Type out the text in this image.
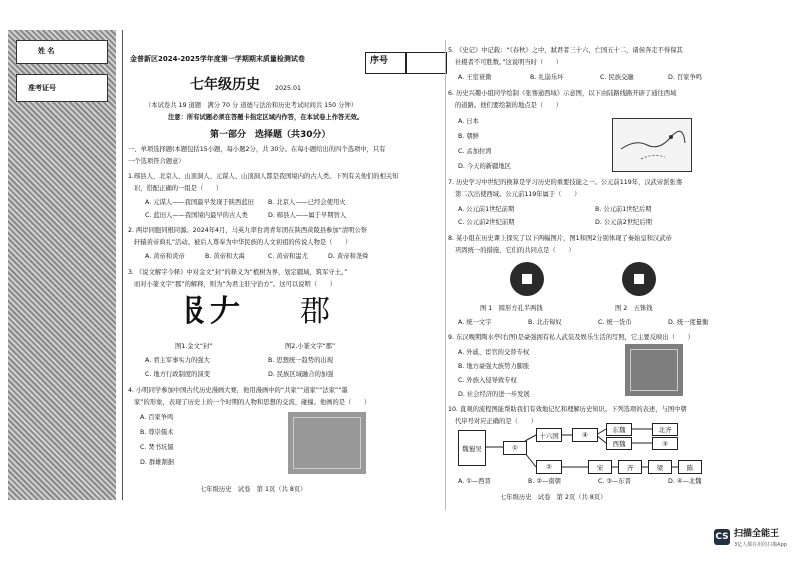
姓 名
准考证号
金普新区2024-2025学年度第一学期期末质量检测试卷	序号
七年级历史 2025.01
（本试卷共 19 道题　满分 70 分 道德与法治和历史考试时间共 150 分钟）
注意：所有试题必须在答题卡指定区域内作答，在本试卷上作答无效。
第一部分　选择题（共30分）
一、单项选择题(本题包括15小题，每小题2分，共 30分。在每小题给出的四个选项中，只有
一个选项符合题意）
1.郧县人、北京人、山顶洞人、元谋人、山顶洞人都是我国境内的古人类。下列有关他们的相关知
识，搭配正确的一组是（　　）
A. 元谋人——我国最早发现于陕西蓝田 B. 北京人——已经会使用火
C. 蓝田人——我国境内最早的古人类	D. 郧县人——属于早期智人
2. 两岸同胞同根同源。2024年4月，马英九率台湾青年团在陕西黄陵县参加“清明公祭
轩辕黄帝典礼”活动。被后人尊奉为中华民族的人文初祖的传说人物是（　　）
A. 黄帝和炎帝	B. 黄帝和大禹	C. 黄帝和蚩尤	D. 黄帝和尧舜
3. 《说文解字今释》中对金文“封”的释义为“植树为界，划定疆域，筑军守土。”
而对小篆文字“郡”的解释，则为“为君主驻守治方”。这可以说明（　　）
𠬝𠂇 郡
图1.金文“封”	图2.小篆文字“郡”
A. 君主军事实力的强大	B. 思想统一趋势的出现
C. 地方行政制度的演变	D. 民族区域融合的加强
4. 小明同学参加中国古代历史漫画大赛，他用漫画中的“共家”“道家”“法家”“墨
家”的形象，表现了历史上的一个时期的人物和思想的交流、碰撞。他画的是（　　）
A. 百家争鸣
B. 尊崇儒术
C. 焚书坑儒
D. 群雄割据
七年级历史　试卷　第 1页（共 8页）
5. 《史记》中记载：“《春秋》之中，弑君者三十六，亡国五十二，诸侯奔走不得保其
社稷者不可胜数。”这说明当时（　　）
A. 王室衰微	B. 礼崩乐坏	C. 民族交融	D. 百家争鸣
6. 历史兴趣小组同学绘制《张骞通西域》示意图，以下由陆路线路开辟了通往西域
的道路。他们要绘制的地点是（　　）
A. 日本
B. 朝鲜
C. 孟加拉湾
D. 今天的新疆地区
7. 历史学习中世纪的换算是学习历史的重要技能之一。公元前119年，汉武帝派张骞
第二次出使西域。公元前119年属于（　　）
A. 公元前1世纪前期	B. 公元前1世纪后期
C. 公元前2世纪前期	D. 公元前2世纪后期
8. 某小组在历史课上探究了以下两幅图片，图1和图2分别体现了秦始皇和汉武帝
巩固统一的措施，它们的共同点是（　　）
图 1　圆形方孔半两钱	图 2　五铢钱
A. 统一文字	B. 北击匈奴	C. 统一货币	D. 统一度量衡
9. 东汉晚期陶水亭(右图)是豪强拥有私人武装及娱乐生活的写照，它主要反映出（　　）
A. 外戚、宦官的交替专权
B. 地方豪强大族势力膨胀
C. 外族入侵导致专权
D. 社会经济的进一步发展
10. 直观的流程图能帮助我们有效地记忆和理解历史知识。下列选项的表述，与图中朝
代序号对应正确的是（　　）
魏蜀吴	①
十六国	④
东魏	北齐
西魏	③
②	宋	齐	梁	陈
A. ①—西晋	B. ②—南朝	C. ③—东晋	D. ④—北魏
七年级历史　试卷　第 2页（共 8页）
CS 扫描全能王
3亿人都在用的扫描App
